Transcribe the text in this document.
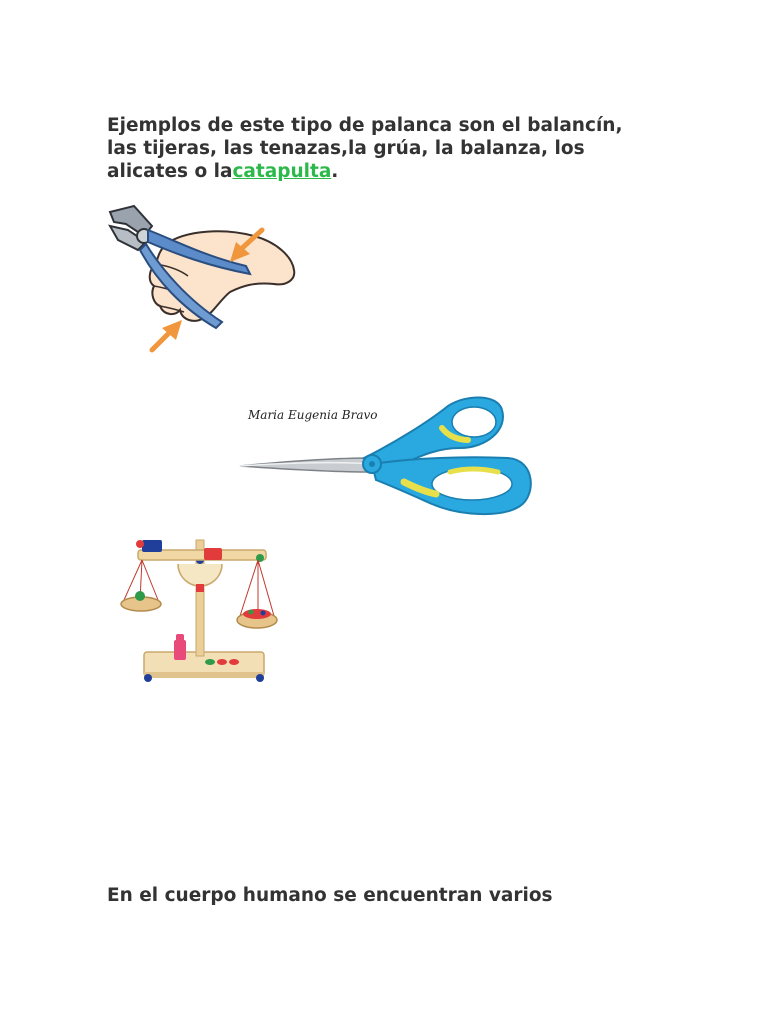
Ejemplos de este tipo de palanca son el balancín,
las tijeras, las tenazas,la grúa, la balanza, los
alicates o lacatapulta.

Maria Eugenia Bravo

En el cuerpo humano se encuentran varios
